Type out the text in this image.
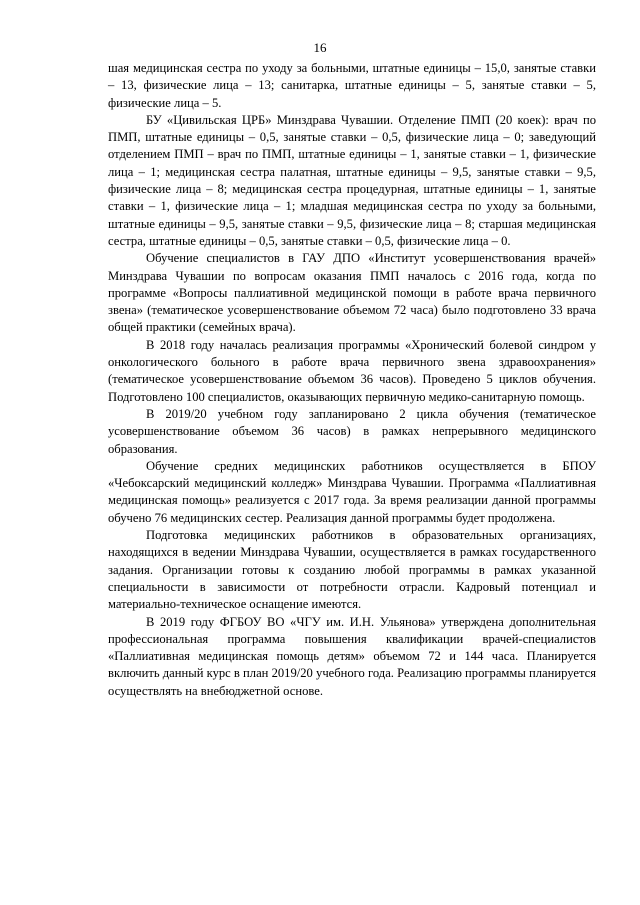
16

шая медицинская сестра по уходу за больными, штатные единицы – 15,0, занятые ставки – 13, физические лица – 13; санитарка, штатные единицы – 5, занятые ставки – 5, физические лица – 5.

БУ «Цивильская ЦРБ» Минздрава Чувашии. Отделение ПМП (20 коек): врач по ПМП, штатные единицы – 0,5, занятые ставки – 0,5, физические лица – 0; заведующий отделением ПМП – врач по ПМП, штатные единицы – 1, занятые ставки – 1, физические лица – 1; медицинская сестра палатная, штатные единицы – 9,5, занятые ставки – 9,5, физические лица – 8; медицинская сестра процедурная, штатные единицы – 1, занятые ставки – 1, физические лица – 1; младшая медицинская сестра по уходу за больными, штатные единицы – 9,5, занятые ставки – 9,5, физические лица – 8; старшая медицинская сестра, штатные единицы – 0,5, занятые ставки – 0,5, физические лица – 0.

Обучение специалистов в ГАУ ДПО «Институт усовершенствования врачей» Минздрава Чувашии по вопросам оказания ПМП началось с 2016 года, когда по программе «Вопросы паллиативной медицинской помощи в работе врача первичного звена» (тематическое усовершенствование объемом 72 часа) было подготовлено 33 врача общей практики (семейных врача).

В 2018 году началась реализация программы «Хронический болевой синдром у онкологического больного в работе врача первичного звена здравоохранения» (тематическое усовершенствование объемом 36 часов). Проведено 5 циклов обучения. Подготовлено 100 специалистов, оказывающих первичную медико-санитарную помощь.

В 2019/20 учебном году запланировано 2 цикла обучения (тематическое усовершенствование объемом 36 часов) в рамках непрерывного медицинского образования.

Обучение средних медицинских работников осуществляется в БПОУ «Чебоксарский медицинский колледж» Минздрава Чувашии. Программа «Паллиативная медицинская помощь» реализуется с 2017 года. За время реализации данной программы обучено 76 медицинских сестер. Реализация данной программы будет продолжена.

Подготовка медицинских работников в образовательных организациях, находящихся в ведении Минздрава Чувашии, осуществляется в рамках государственного задания. Организации готовы к созданию любой программы в рамках указанной специальности в зависимости от потребности отрасли. Кадровый потенциал и материально-техническое оснащение имеются.

В 2019 году ФГБОУ ВО «ЧГУ им. И.Н. Ульянова» утверждена дополнительная профессиональная программа повышения квалификации врачей-специалистов «Паллиативная медицинская помощь детям» объемом 72 и 144 часа. Планируется включить данный курс в план 2019/20 учебного года. Реализацию программы планируется осуществлять на внебюджетной основе.
